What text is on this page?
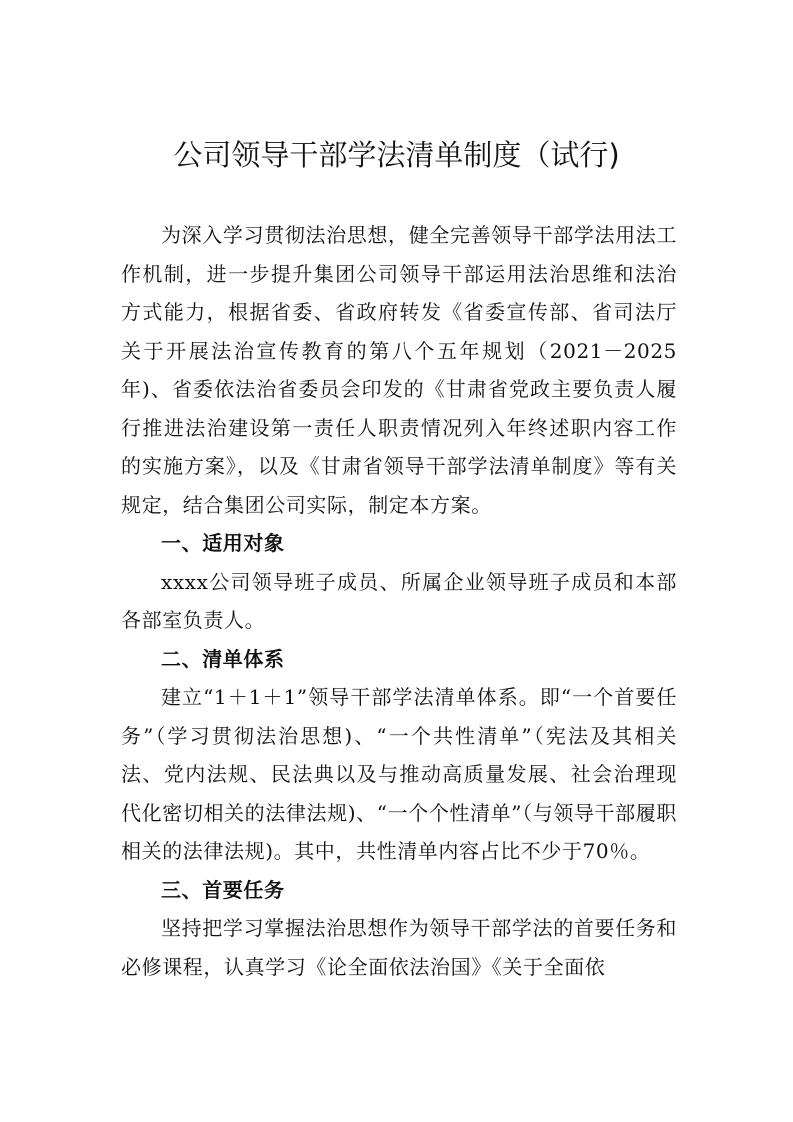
公司领导干部学法清单制度（试行)

为深入学习贯彻法治思想，健全完善领导干部学法用法工作机制，进一步提升集团公司领导干部运用法治思维和法治方式能力，根据省委、省政府转发《省委宣传部、省司法厅关于开展法治宣传教育的第八个五年规划（2021－2025年)、省委依法治省委员会印发的《甘肃省党政主要负责人履行推进法治建设第一责任人职责情况列入年终述职内容工作的实施方案》，以及《甘肃省领导干部学法清单制度》等有关规定，结合集团公司实际，制定本方案。

一、适用对象

xxxx公司领导班子成员、所属企业领导班子成员和本部各部室负责人。

二、清单体系

建立“1＋1＋1”领导干部学法清单体系。即“一个首要任务”（学习贯彻法治思想)、“一个共性清单”（宪法及其相关法、党内法规、民法典以及与推动高质量发展、社会治理现代化密切相关的法律法规)、“一个个性清单”（与领导干部履职相关的法律法规)。其中，共性清单内容占比不少于70％。

三、首要任务

坚持把学习掌握法治思想作为领导干部学法的首要任务和必修课程，认真学习《论全面依法治国》《关于全面依
